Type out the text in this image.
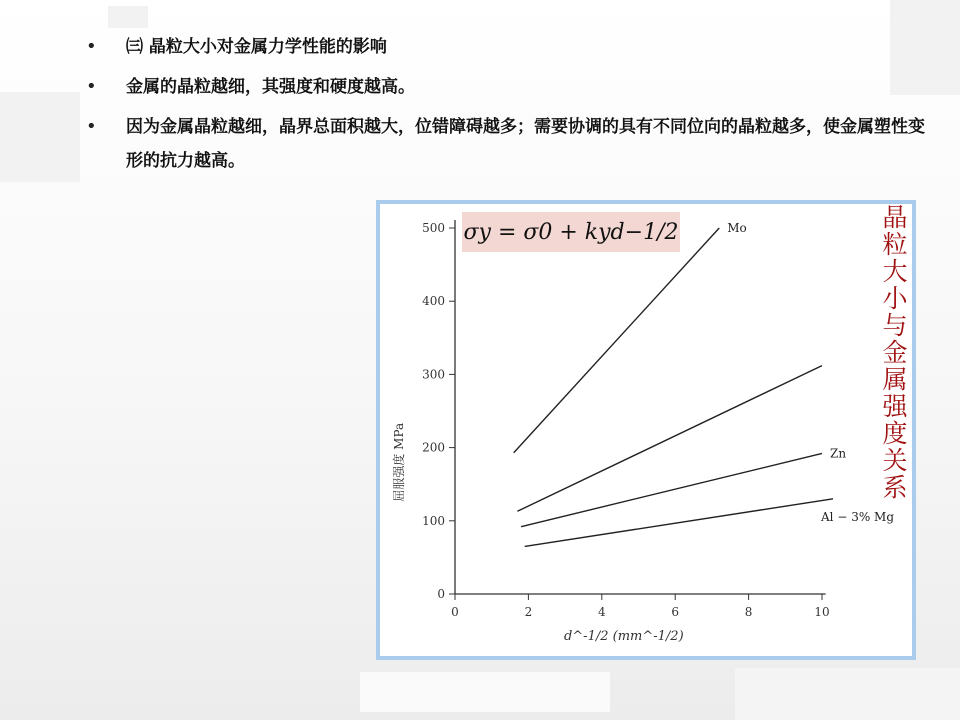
•	㈢ 晶粒大小对金属力学性能的影响
•	金属的晶粒越细，其强度和硬度越高。
•	因为金属晶粒越细，晶界总面积越大，位错障碍越多；需要协调的具有不同位向的晶粒越多，使金属塑性变形的抗力越高。
0	2	4	6	8	10
0
100
200
300
400
500
d^-1/2 (mm^-1/2)
屈服强度 MPa
Mo
Zn
Al − 3% Mg
σy = σ0 + kyd−1/2	晶粒大小与金属强度关系
